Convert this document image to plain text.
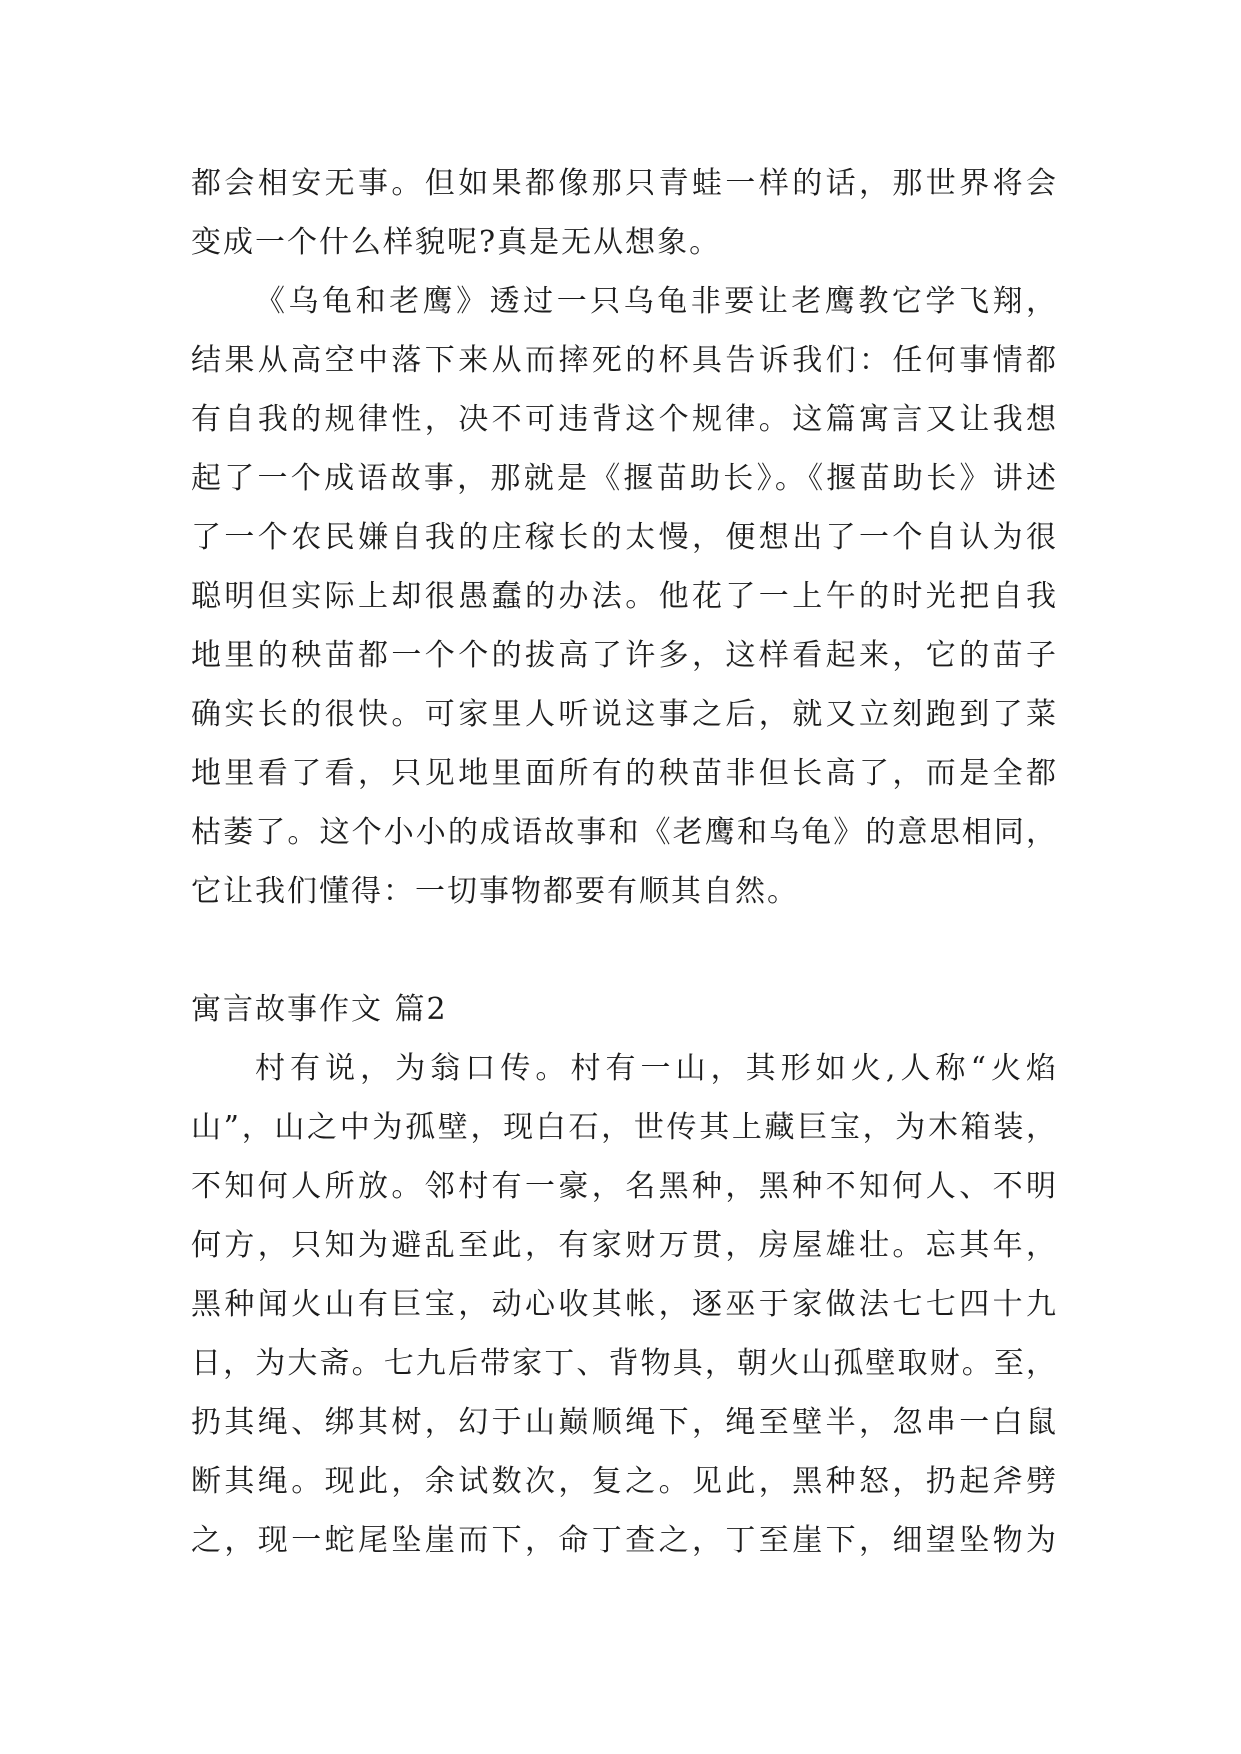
都会相安无事。但如果都像那只青蛙一样的话，那世界将会
变成一个什么样貌呢?真是无从想象。
《乌龟和老鹰》透过一只乌龟非要让老鹰教它学飞翔，
结果从高空中落下来从而摔死的杯具告诉我们：任何事情都
有自我的规律性，决不可违背这个规律。这篇寓言又让我想
起了一个成语故事，那就是《揠苗助长》。《揠苗助长》讲述
了一个农民嫌自我的庄稼长的太慢，便想出了一个自认为很
聪明但实际上却很愚蠢的办法。他花了一上午的时光把自我
地里的秧苗都一个个的拔高了许多，这样看起来，它的苗子
确实长的很快。可家里人听说这事之后，就又立刻跑到了菜
地里看了看，只见地里面所有的秧苗非但长高了，而是全都
枯萎了。这个小小的成语故事和《老鹰和乌龟》的意思相同，
它让我们懂得：一切事物都要有顺其自然。
寓言故事作文 篇2
村有说，为翁口传。村有一山，其形如火,人称“火焰
山”，山之中为孤壁，现白石，世传其上藏巨宝，为木箱装，
不知何人所放。邻村有一豪，名黑种，黑种不知何人、不明
何方，只知为避乱至此，有家财万贯，房屋雄壮。忘其年，
黑种闻火山有巨宝，动心收其帐，逐巫于家做法七七四十九
日，为大斋。七九后带家丁、背物具，朝火山孤壁取财。至，
扔其绳、绑其树，幻于山巅顺绳下，绳至壁半，忽串一白鼠
断其绳。现此，余试数次，复之。见此，黑种怒，扔起斧劈
之，现一蛇尾坠崖而下，命丁查之，丁至崖下，细望坠物为
